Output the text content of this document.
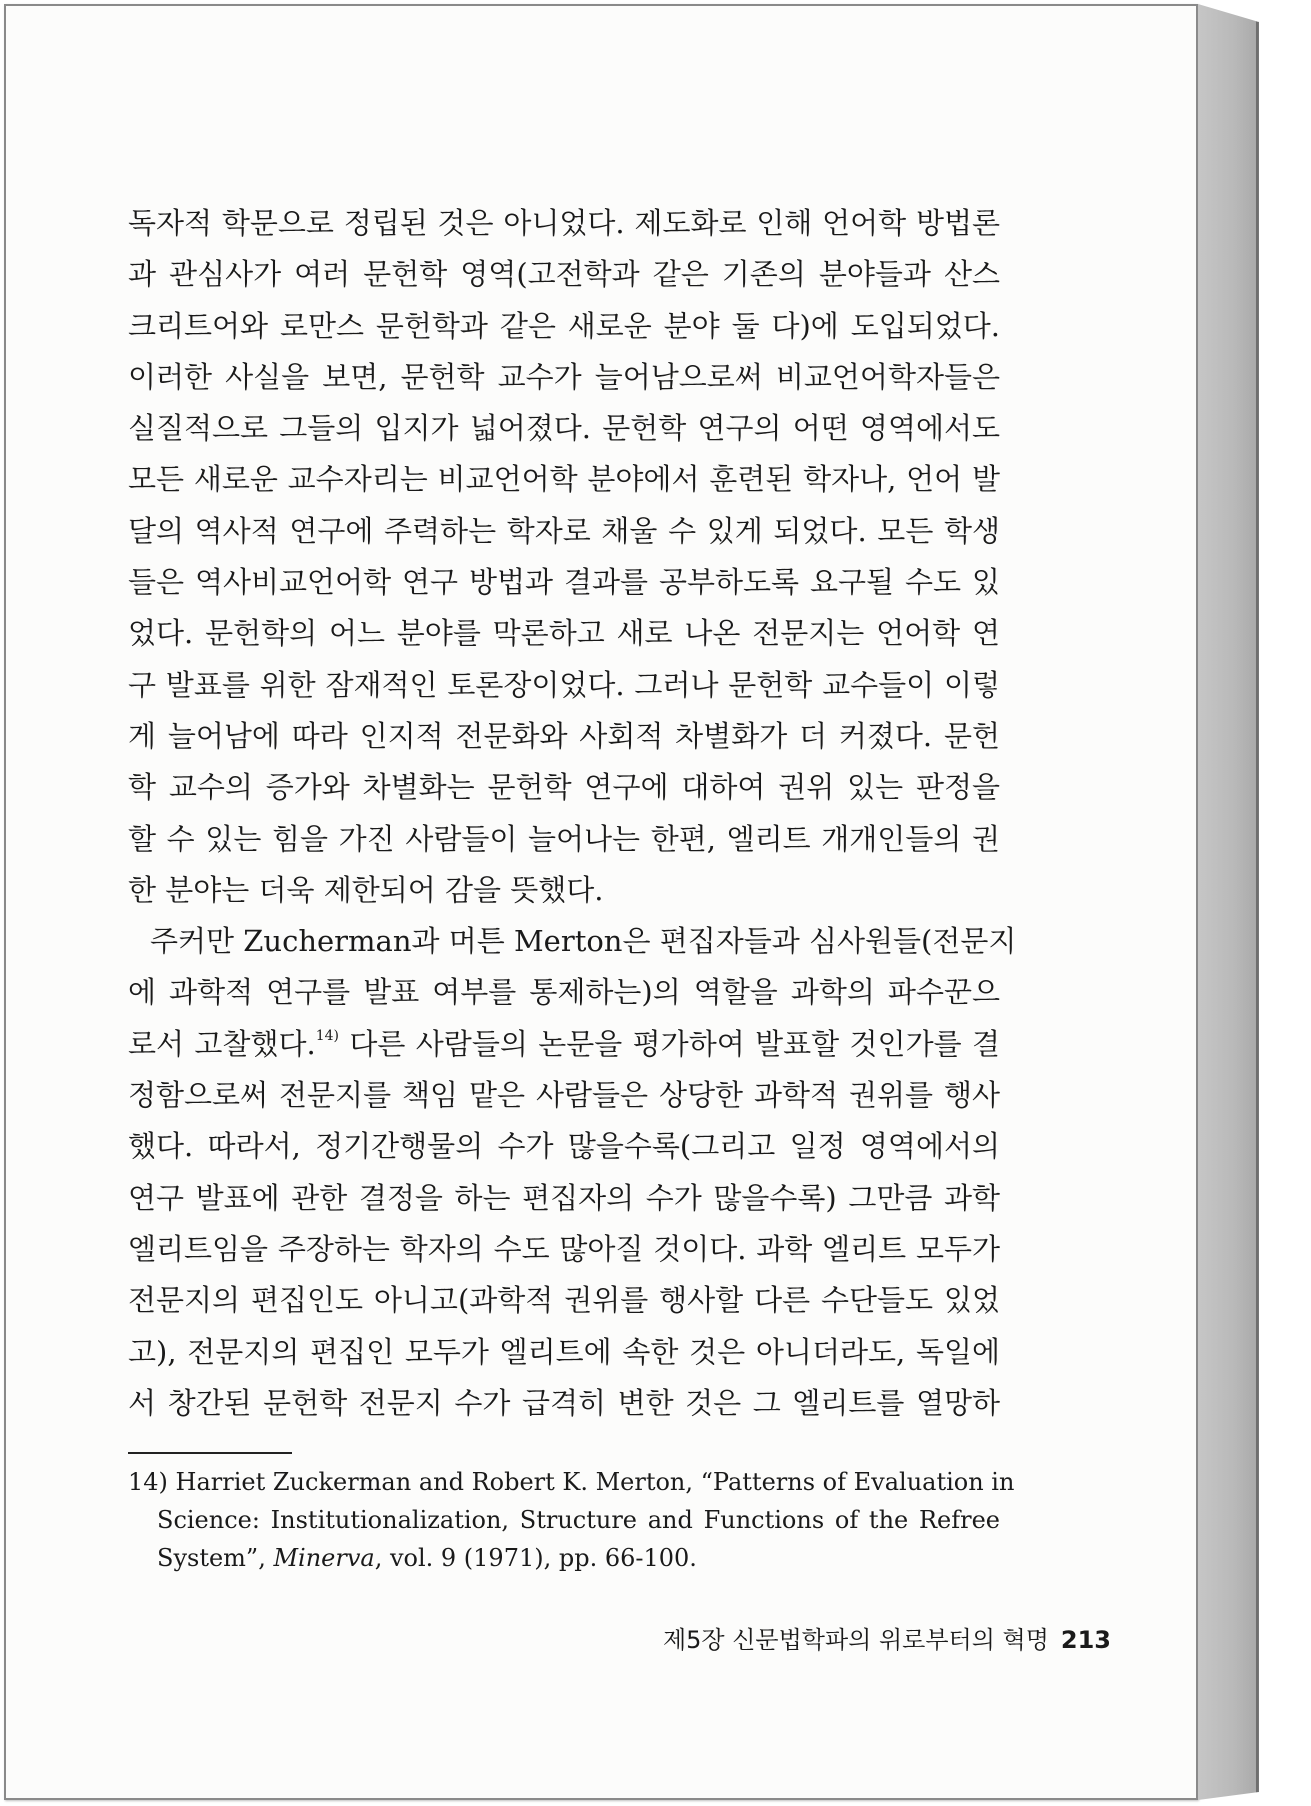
독자적 학문으로 정립된 것은 아니었다. 제도화로 인해 언어학 방법론
과 관심사가 여러 문헌학 영역(고전학과 같은 기존의 분야들과 산스
크리트어와 로만스 문헌학과 같은 새로운 분야 둘 다)에 도입되었다.
이러한 사실을 보면, 문헌학 교수가 늘어남으로써 비교언어학자들은
실질적으로 그들의 입지가 넓어졌다. 문헌학 연구의 어떤 영역에서도
모든 새로운 교수자리는 비교언어학 분야에서 훈련된 학자나, 언어 발
달의 역사적 연구에 주력하는 학자로 채울 수 있게 되었다. 모든 학생
들은 역사비교언어학 연구 방법과 결과를 공부하도록 요구될 수도 있
었다. 문헌학의 어느 분야를 막론하고 새로 나온 전문지는 언어학 연
구 발표를 위한 잠재적인 토론장이었다. 그러나 문헌학 교수들이 이렇
게 늘어남에 따라 인지적 전문화와 사회적 차별화가 더 커졌다. 문헌
학 교수의 증가와 차별화는 문헌학 연구에 대하여 권위 있는 판정을
할 수 있는 힘을 가진 사람들이 늘어나는 한편, 엘리트 개개인들의 권
한 분야는 더욱 제한되어 감을 뜻했다.
주커만 Zucherman과 머튼 Merton은 편집자들과 심사원들(전문지
에 과학적 연구를 발표 여부를 통제하는)의 역할을 과학의 파수꾼으
로서 고찰했다.$^{14)}$ 다른 사람들의 논문을 평가하여 발표할 것인가를 결
정함으로써 전문지를 책임 맡은 사람들은 상당한 과학적 권위를 행사
했다. 따라서, 정기간행물의 수가 많을수록(그리고 일정 영역에서의
연구 발표에 관한 결정을 하는 편집자의 수가 많을수록) 그만큼 과학
엘리트임을 주장하는 학자의 수도 많아질 것이다. 과학 엘리트 모두가
전문지의 편집인도 아니고(과학적 권위를 행사할 다른 수단들도 있었
고), 전문지의 편집인 모두가 엘리트에 속한 것은 아니더라도, 독일에
서 창간된 문헌학 전문지 수가 급격히 변한 것은 그 엘리트를 열망하
14) Harriet Zuckerman and Robert K. Merton, “Patterns of Evaluation in
Science: Institutionalization, Structure and Functions of the Refree
System”, Minerva, vol. 9 (1971), pp. 66-100.
제5장 신문법학파의 위로부터의 혁명 213
